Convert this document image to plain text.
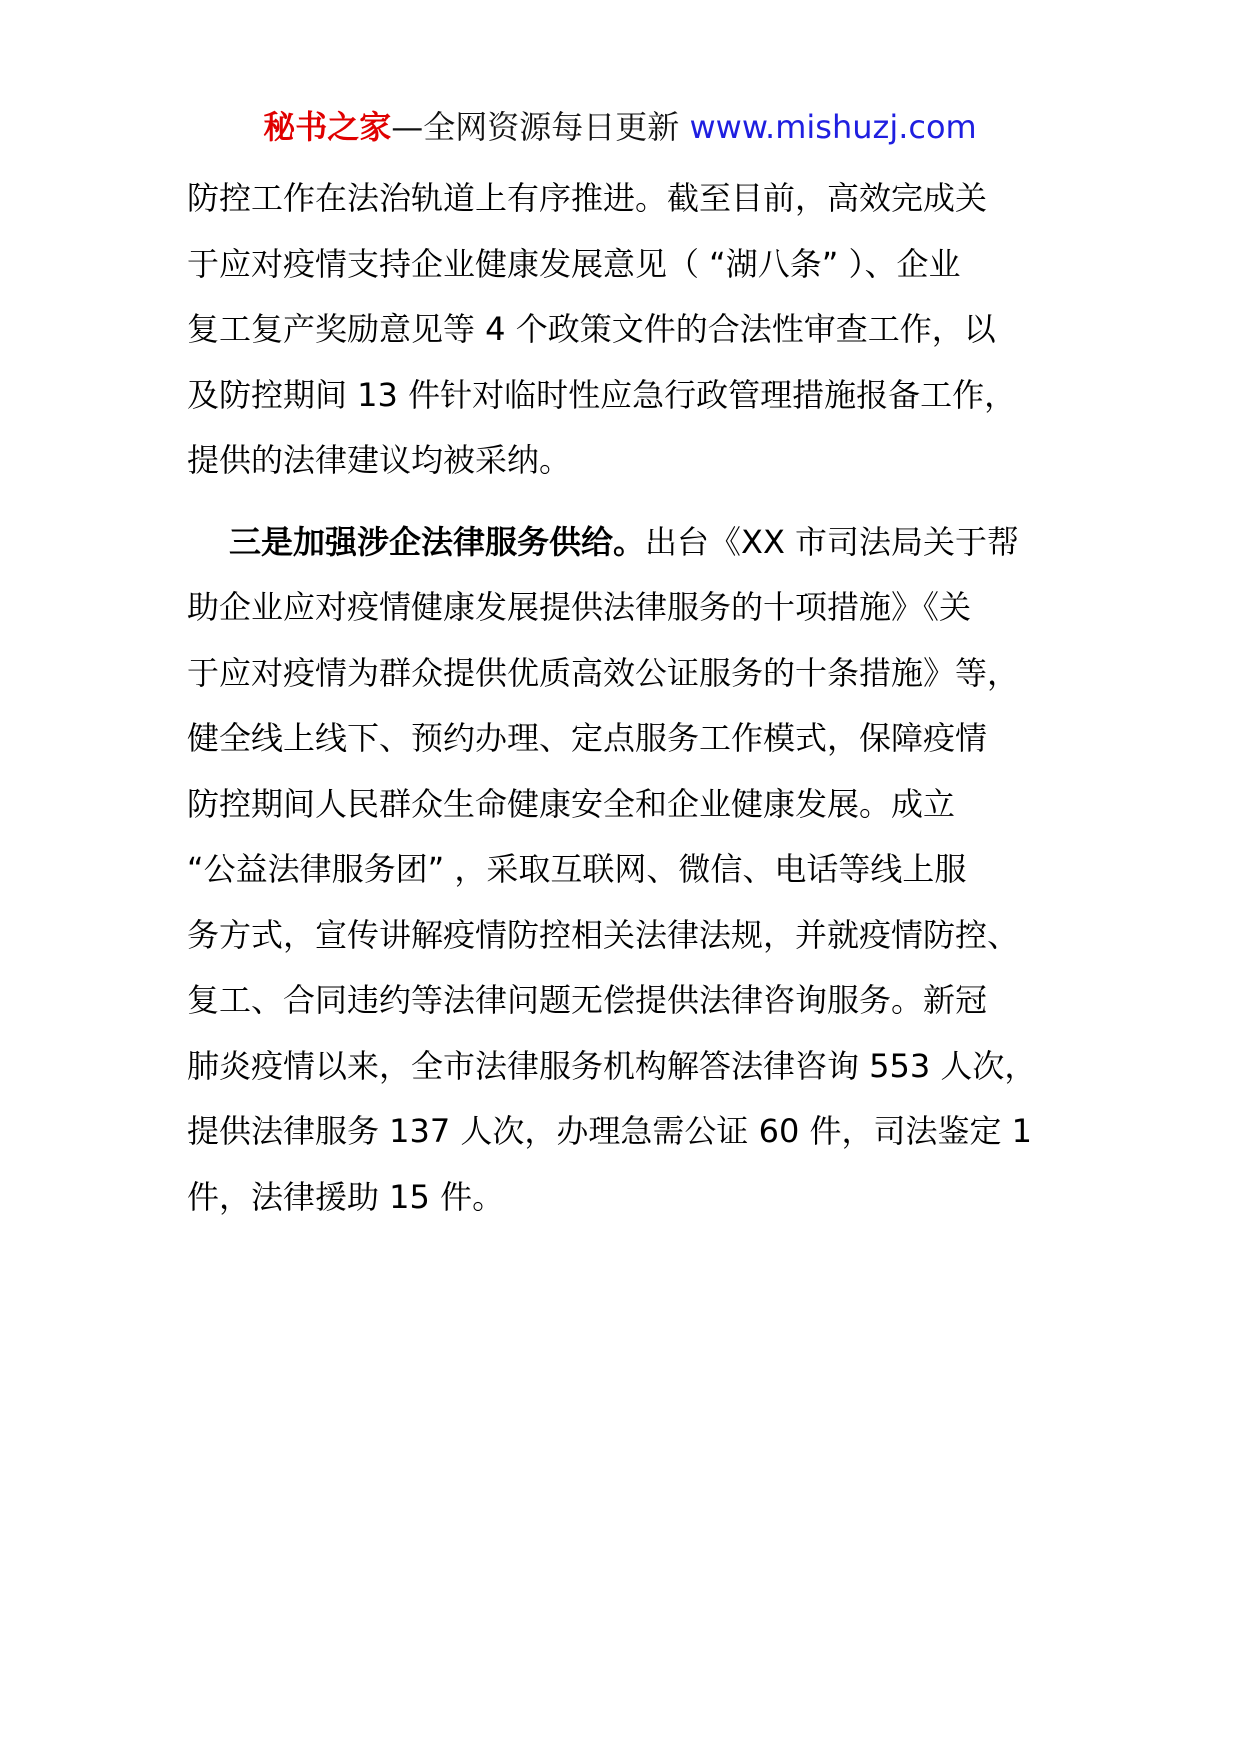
秘书之家—全网资源每日更新 www.mishuzj.com
防控工作在法治轨道上有序推进。截至目前，高效完成关
于应对疫情支持企业健康发展意见（ “湖八条” ）、企业
复工复产奖励意见等 4 个政策文件的合法性审查工作，以
及防控期间 13 件针对临时性应急行政管理措施报备工作，
提供的法律建议均被采纳。
三是加强涉企法律服务供给。出台《XX 市司法局关于帮
助企业应对疫情健康发展提供法律服务的十项措施》《关
于应对疫情为群众提供优质高效公证服务的十条措施》等，
健全线上线下、预约办理、定点服务工作模式，保障疫情
防控期间人民群众生命健康安全和企业健康发展。成立
“公益法律服务团” ，采取互联网、微信、电话等线上服
务方式，宣传讲解疫情防控相关法律法规，并就疫情防控、
复工、合同违约等法律问题无偿提供法律咨询服务。新冠
肺炎疫情以来，全市法律服务机构解答法律咨询 553 人次，
提供法律服务 137 人次，办理急需公证 60 件，司法鉴定 1
件，法律援助 15 件。
